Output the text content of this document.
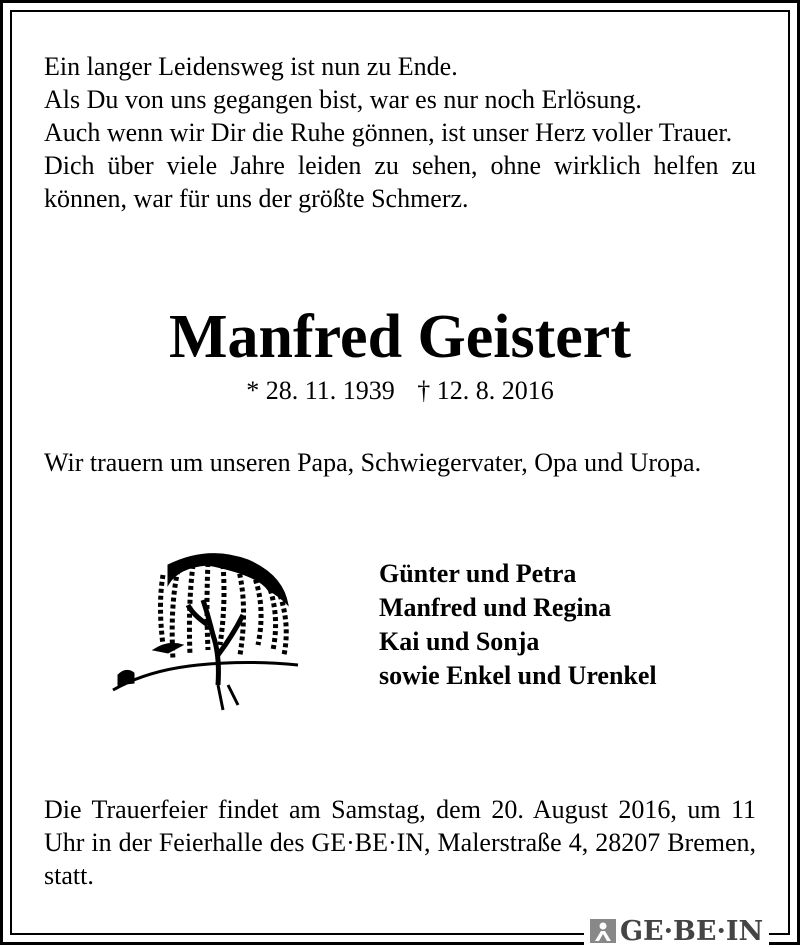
Ein langer Leidensweg ist nun zu Ende.
Als Du von uns gegangen bist, war es nur noch Erlösung.
Auch wenn wir Dir die Ruhe gönnen, ist unser Herz voller Trauer.
Dich über viele Jahre leiden zu sehen, ohne wirklich helfen zu können, war für uns der größte Schmerz.
Manfred Geistert
* 28. 11. 1939 † 12. 8. 2016
Wir trauern um unseren Papa, Schwiegervater, Opa und Uropa.
Günter und Petra
Manfred und Regina
Kai und Sonja
sowie Enkel und Urenkel
Die Trauerfeier findet am Samstag, dem 20. August 2016, um 11 Uhr in der Feierhalle des GE·BE·IN, Malerstraße 4, 28207 Bremen, statt.
GE·BE·IN
